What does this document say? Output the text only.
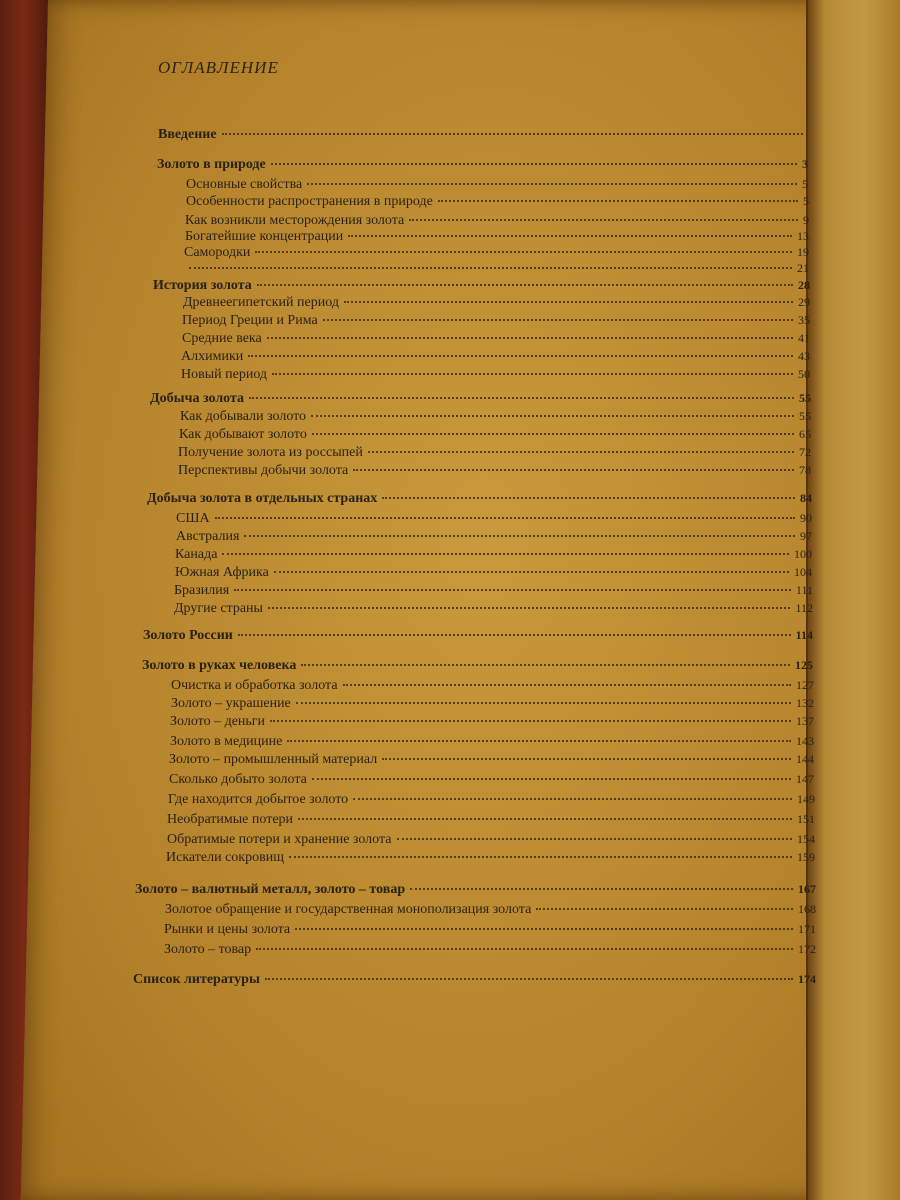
ОГЛАВЛЕНИЕ
Введение
Золото в природе	3
Основные свойства	5
Особенности распространения в природе	5
Как возникли месторождения золота	9
Богатейшие концентрации	13
Самородки	19
21
История золота	28
Древнеегипетский период	29
Период Греции и Рима	35
Средние века	41
Алхимики	43
Новый период	50
Добыча золота	55
Как добывали золото	55
Как добывают золото	65
Получение золота из россыпей	72
Перспективы добычи золота	78
Добыча золота в отдельных странах	84
США	90
Австралия	97
Канада	100
Южная Африка	104
Бразилия	111
Другие страны	112
Золото России	114
Золото в руках человека	125
Очистка и обработка золота	127
Золото – украшение	132
Золото – деньги	137
Золото в медицине	143
Золото – промышленный материал	144
Сколько добыто золота	147
Где находится добытое золото	149
Необратимые потери	151
Обратимые потери и хранение золота	154
Искатели сокровищ	159
Золото – валютный металл, золото – товар	167
Золотое обращение и государственная монополизация золота	168
Рынки и цены золота	171
Золото – товар	172
Список литературы	174
